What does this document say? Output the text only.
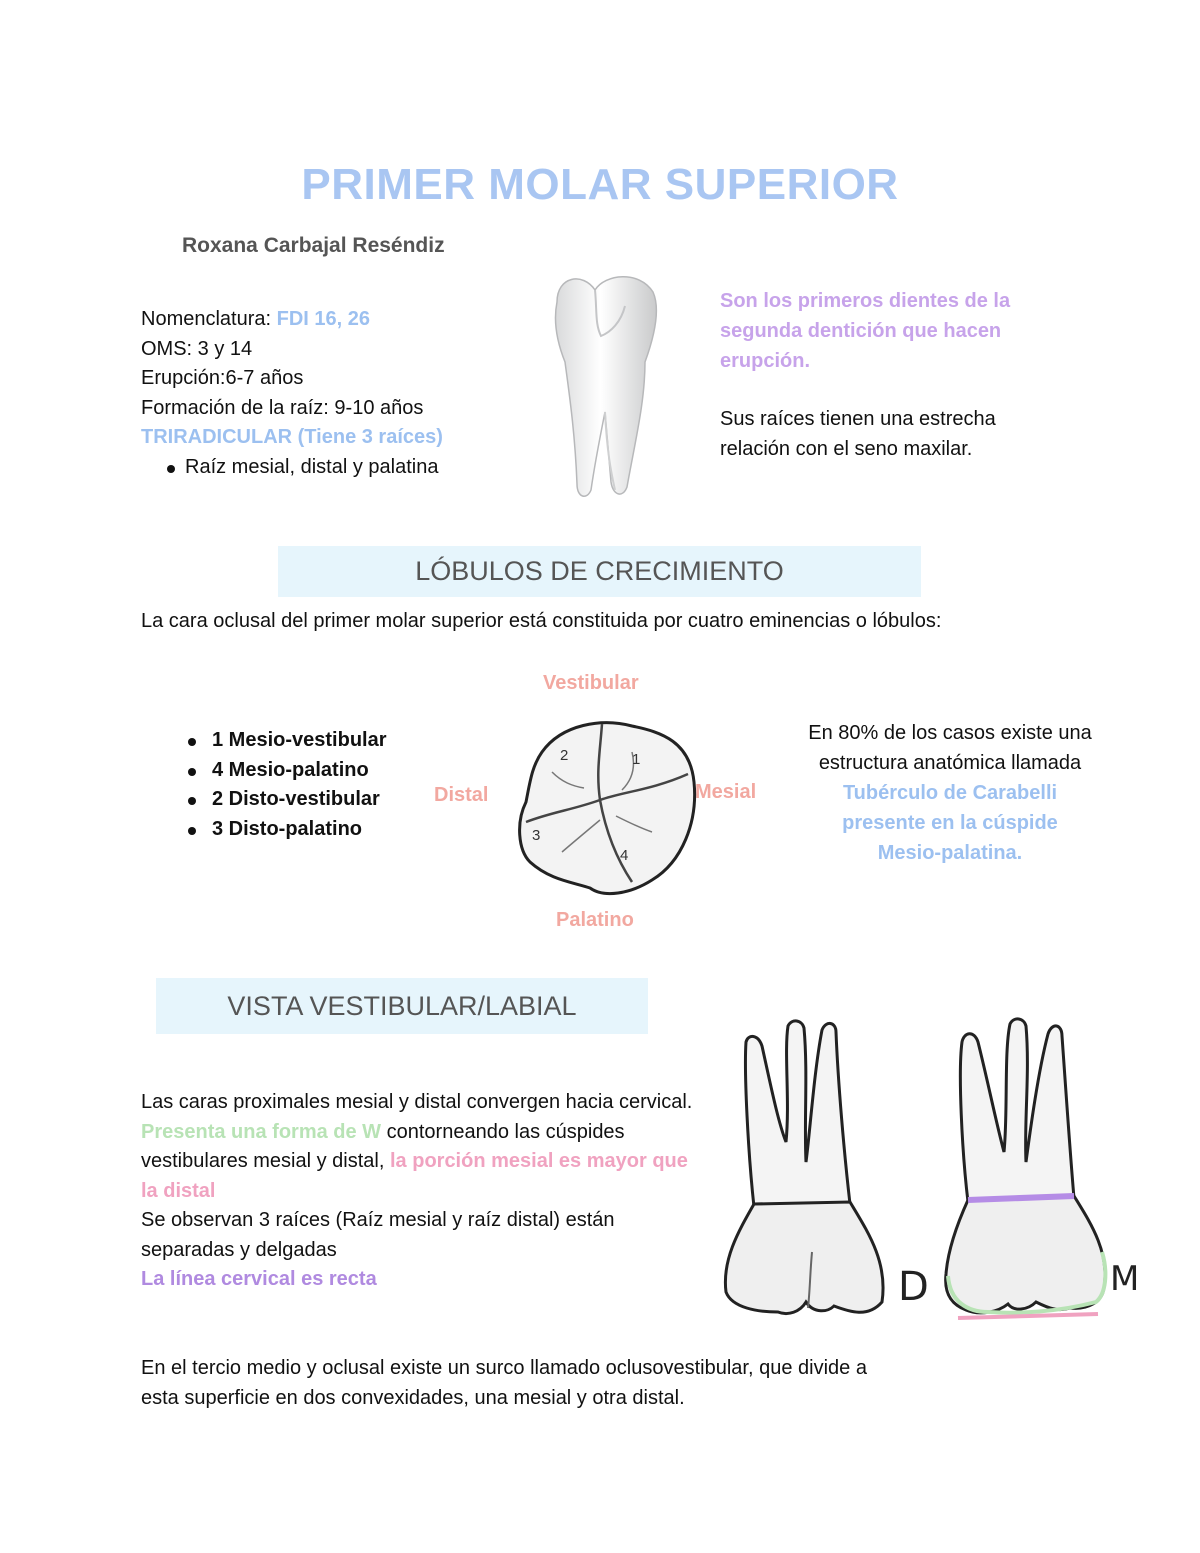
PRIMER MOLAR SUPERIOR
Roxana Carbajal Reséndiz
Nomenclatura: FDI 16, 26
OMS: 3 y 14
Erupción:6-7 años
Formación de la raíz: 9-10 años
TRIRADICULAR (Tiene 3 raíces)
Raíz mesial, distal y palatina
Son los primeros dientes de la segunda dentición que hacen erupción.
Sus raíces tienen una estrecha relación con el seno maxilar.
LÓBULOS DE CRECIMIENTO
La cara oclusal del primer molar superior está constituida por cuatro eminencias o lóbulos:
1 Mesio-vestibular
4 Mesio-palatino
2 Disto-vestibular
3 Disto-palatino
Vestibular
Distal	Mesial
Palatino
2	1
3
4
En 80% de los casos existe una estructura anatómica llamada
Tubérculo de Carabelli presente en la cúspide Mesio-palatina.
VISTA VESTIBULAR/LABIAL
Las caras proximales mesial y distal convergen hacia cervical.
Presenta una forma de W contorneando las cúspides vestibulares mesial y distal, la porción mesial es mayor que la distal
Se observan 3 raíces (Raíz mesial y raíz distal) están separadas y delgadas
La línea cervical es recta	D	M
En el tercio medio y oclusal existe un surco llamado oclusovestibular, que divide a esta superficie en dos convexidades, una mesial y otra distal.
